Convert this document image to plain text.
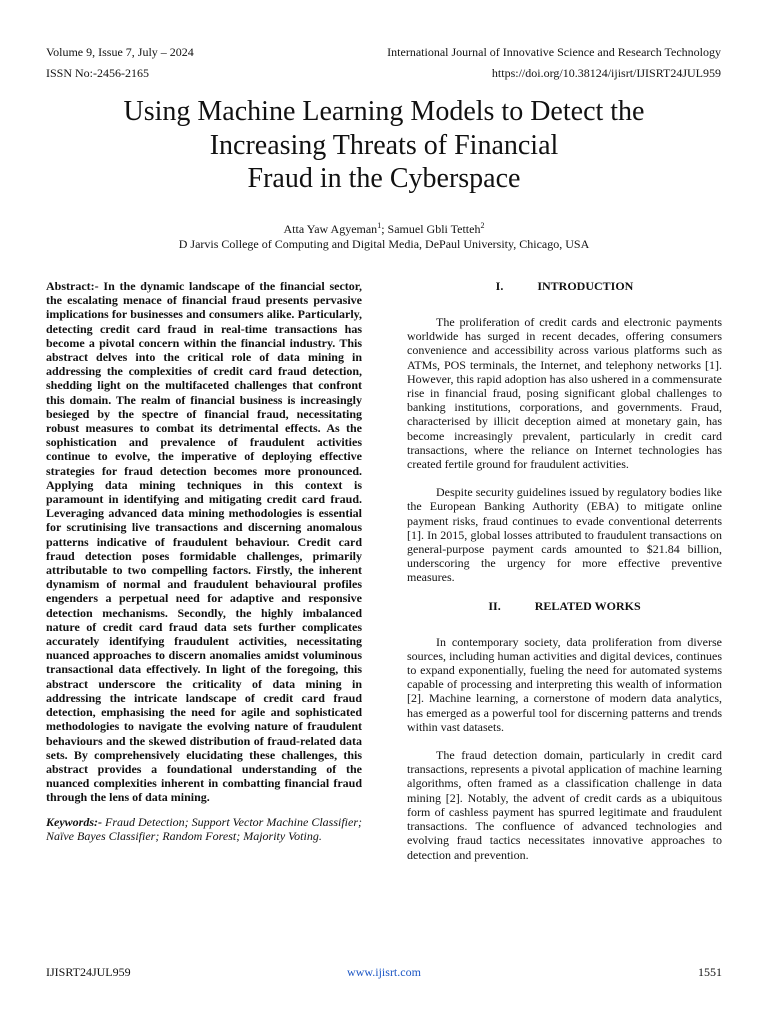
Volume 9, Issue 7, July – 2024
ISSN No:-2456-2165
International Journal of Innovative Science and Research Technology
https://doi.org/10.38124/ijisrt/IJISRT24JUL959
Using Machine Learning Models to Detect the
Increasing Threats of Financial
Fraud in the Cyberspace
Atta Yaw Agyeman$^1$; Samuel Gbli Tetteh$^2$
D Jarvis College of Computing and Digital Media, DePaul University, Chicago, USA

Abstract:- In the dynamic landscape of the financial sector, the escalating menace of financial fraud presents pervasive implications for businesses and consumers alike. Particularly, detecting credit card fraud in real-time transactions has become a pivotal concern within the financial industry. This abstract delves into the critical role of data mining in addressing the complexities of credit card fraud detection, shedding light on the multifaceted challenges that confront this domain. The realm of financial business is increasingly besieged by the spectre of financial fraud, necessitating robust measures to combat its detrimental effects. As the sophistication and prevalence of fraudulent activities continue to evolve, the imperative of deploying effective strategies for fraud detection becomes more pronounced. Applying data mining techniques in this context is paramount in identifying and mitigating credit card fraud. Leveraging advanced data mining methodologies is essential for scrutinising live transactions and discerning anomalous patterns indicative of fraudulent behaviour. Credit card fraud detection poses formidable challenges, primarily attributable to two compelling factors. Firstly, the inherent dynamism of normal and fraudulent behavioural profiles engenders a perpetual need for adaptive and responsive detection mechanisms. Secondly, the highly imbalanced nature of credit card fraud data sets further complicates accurately identifying fraudulent activities, necessitating nuanced approaches to discern anomalies amidst voluminous transactional data effectively. In light of the foregoing, this abstract underscore the criticality of data mining in addressing the intricate landscape of credit card fraud detection, emphasising the need for agile and sophisticated methodologies to navigate the evolving nature of fraudulent behaviours and the skewed distribution of fraud-related data sets. By comprehensively elucidating these challenges, this abstract provides a foundational understanding of the nuanced complexities inherent in combatting financial fraud through the lens of data mining.

Keywords:- Fraud Detection; Support Vector Machine Classifier; Naïve Bayes Classifier; Random Forest; Majority Voting.

I.	INTRODUCTION

The proliferation of credit cards and electronic payments worldwide has surged in recent decades, offering consumers convenience and accessibility across various platforms such as ATMs, POS terminals, the Internet, and telephony networks [1]. However, this rapid adoption has also ushered in a commensurate rise in financial fraud, posing significant global challenges to banking institutions, corporations, and governments. Fraud, characterised by illicit deception aimed at monetary gain, has become increasingly prevalent, particularly in credit card transactions, where the reliance on Internet technologies has created fertile ground for fraudulent activities.

Despite security guidelines issued by regulatory bodies like the European Banking Authority (EBA) to mitigate online payment risks, fraud continues to evade conventional deterrents [1]. In 2015, global losses attributed to fraudulent transactions on general-purpose payment cards amounted to $21.84 billion, underscoring the urgency for more effective preventive measures.

II.	RELATED WORKS

In contemporary society, data proliferation from diverse sources, including human activities and digital devices, continues to expand exponentially, fueling the need for automated systems capable of processing and interpreting this wealth of information [2]. Machine learning, a cornerstone of modern data analytics, has emerged as a powerful tool for discerning patterns and trends within vast datasets.

The fraud detection domain, particularly in credit card transactions, represents a pivotal application of machine learning algorithms, often framed as a classification challenge in data mining [2]. Notably, the advent of credit cards as a ubiquitous form of cashless payment has spurred legitimate and fraudulent transactions. The confluence of advanced technologies and evolving fraud tactics necessitates innovative approaches to detection and prevention.

IJISRT24JUL959	www.ijisrt.com	1551
